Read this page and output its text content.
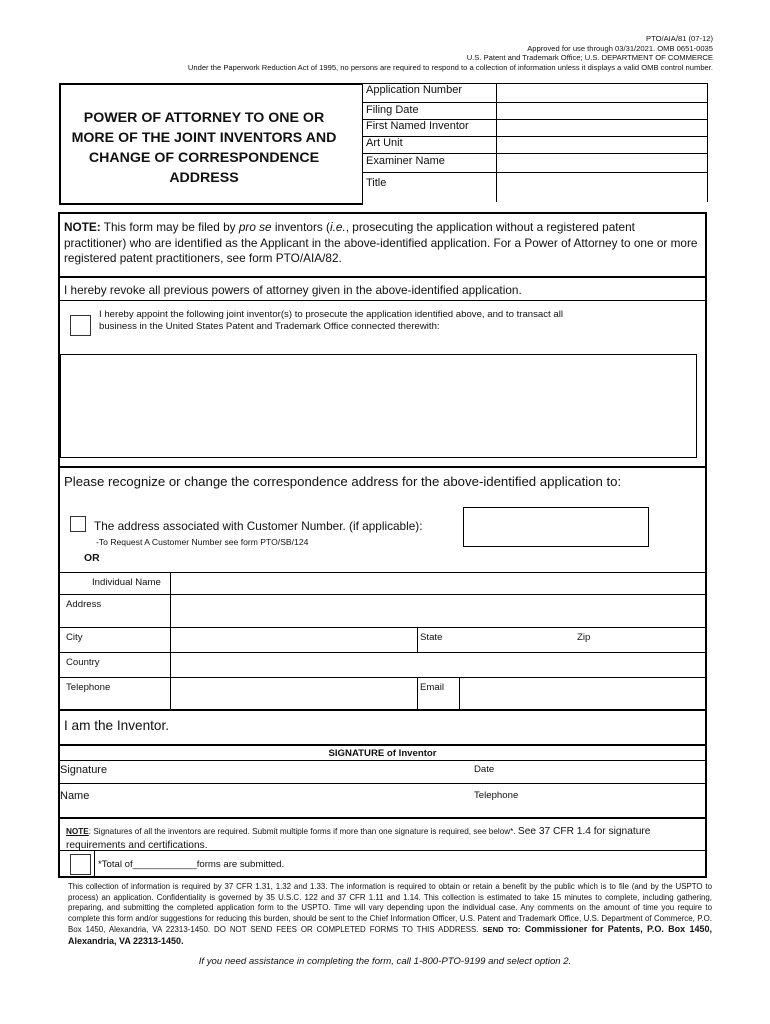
PTO/AIA/81 (07-12)
Approved for use through 03/31/2021. OMB 0651-0035
U.S. Patent and Trademark Office; U.S. DEPARTMENT OF COMMERCE
Under the Paperwork Reduction Act of 1995, no persons are required to respond to a collection of information unless it displays a valid OMB control number.
POWER OF ATTORNEY TO ONE OR MORE OF THE JOINT INVENTORS AND CHANGE OF CORRESPONDENCE ADDRESS
Application Number
Filing Date
First Named Inventor
Art Unit
Examiner Name
Title
NOTE: This form may be filed by pro se inventors (i.e., prosecuting the application without a registered patent practitioner) who are identified as the Applicant in the above-identified application. For a Power of Attorney to one or more registered patent practitioners, see form PTO/AIA/82.
I hereby revoke all previous powers of attorney given in the above-identified application.
I hereby appoint the following joint inventor(s) to prosecute the application identified above, and to transact all business in the United States Patent and Trademark Office connected therewith:
Please recognize or change the correspondence address for the above-identified application to:
The address associated with Customer Number. (if applicable):
-To Request A Customer Number see form PTO/SB/124
OR
Individual Name
Address
City	State	Zip
Country
Telephone	Email
I am the Inventor.
SIGNATURE of Inventor
Signature	Date
Name	Telephone
NOTE: Signatures of all the inventors are required. Submit multiple forms if more than one signature is required, see below*. See 37 CFR 1.4 for signature requirements and certifications.
*Total of____________forms are submitted.
This collection of information is required by 37 CFR 1.31, 1.32 and 1.33. The information is required to obtain or retain a benefit by the public which is to file (and by the USPTO to process) an application. Confidentiality is governed by 35 U.S.C. 122 and 37 CFR 1.11 and 1.14. This collection is estimated to take 15 minutes to complete, including gathering, preparing, and submitting the completed application form to the USPTO. Time will vary depending upon the individual case. Any comments on the amount of time you require to complete this form and/or suggestions for reducing this burden, should be sent to the Chief Information Officer, U.S. Patent and Trademark Office, U.S. Department of Commerce, P.O. Box 1450, Alexandria, VA 22313-1450. DO NOT SEND FEES OR COMPLETED FORMS TO THIS ADDRESS. SEND TO: Commissioner for Patents, P.O. Box 1450, Alexandria, VA 22313-1450.
If you need assistance in completing the form, call 1-800-PTO-9199 and select option 2.
